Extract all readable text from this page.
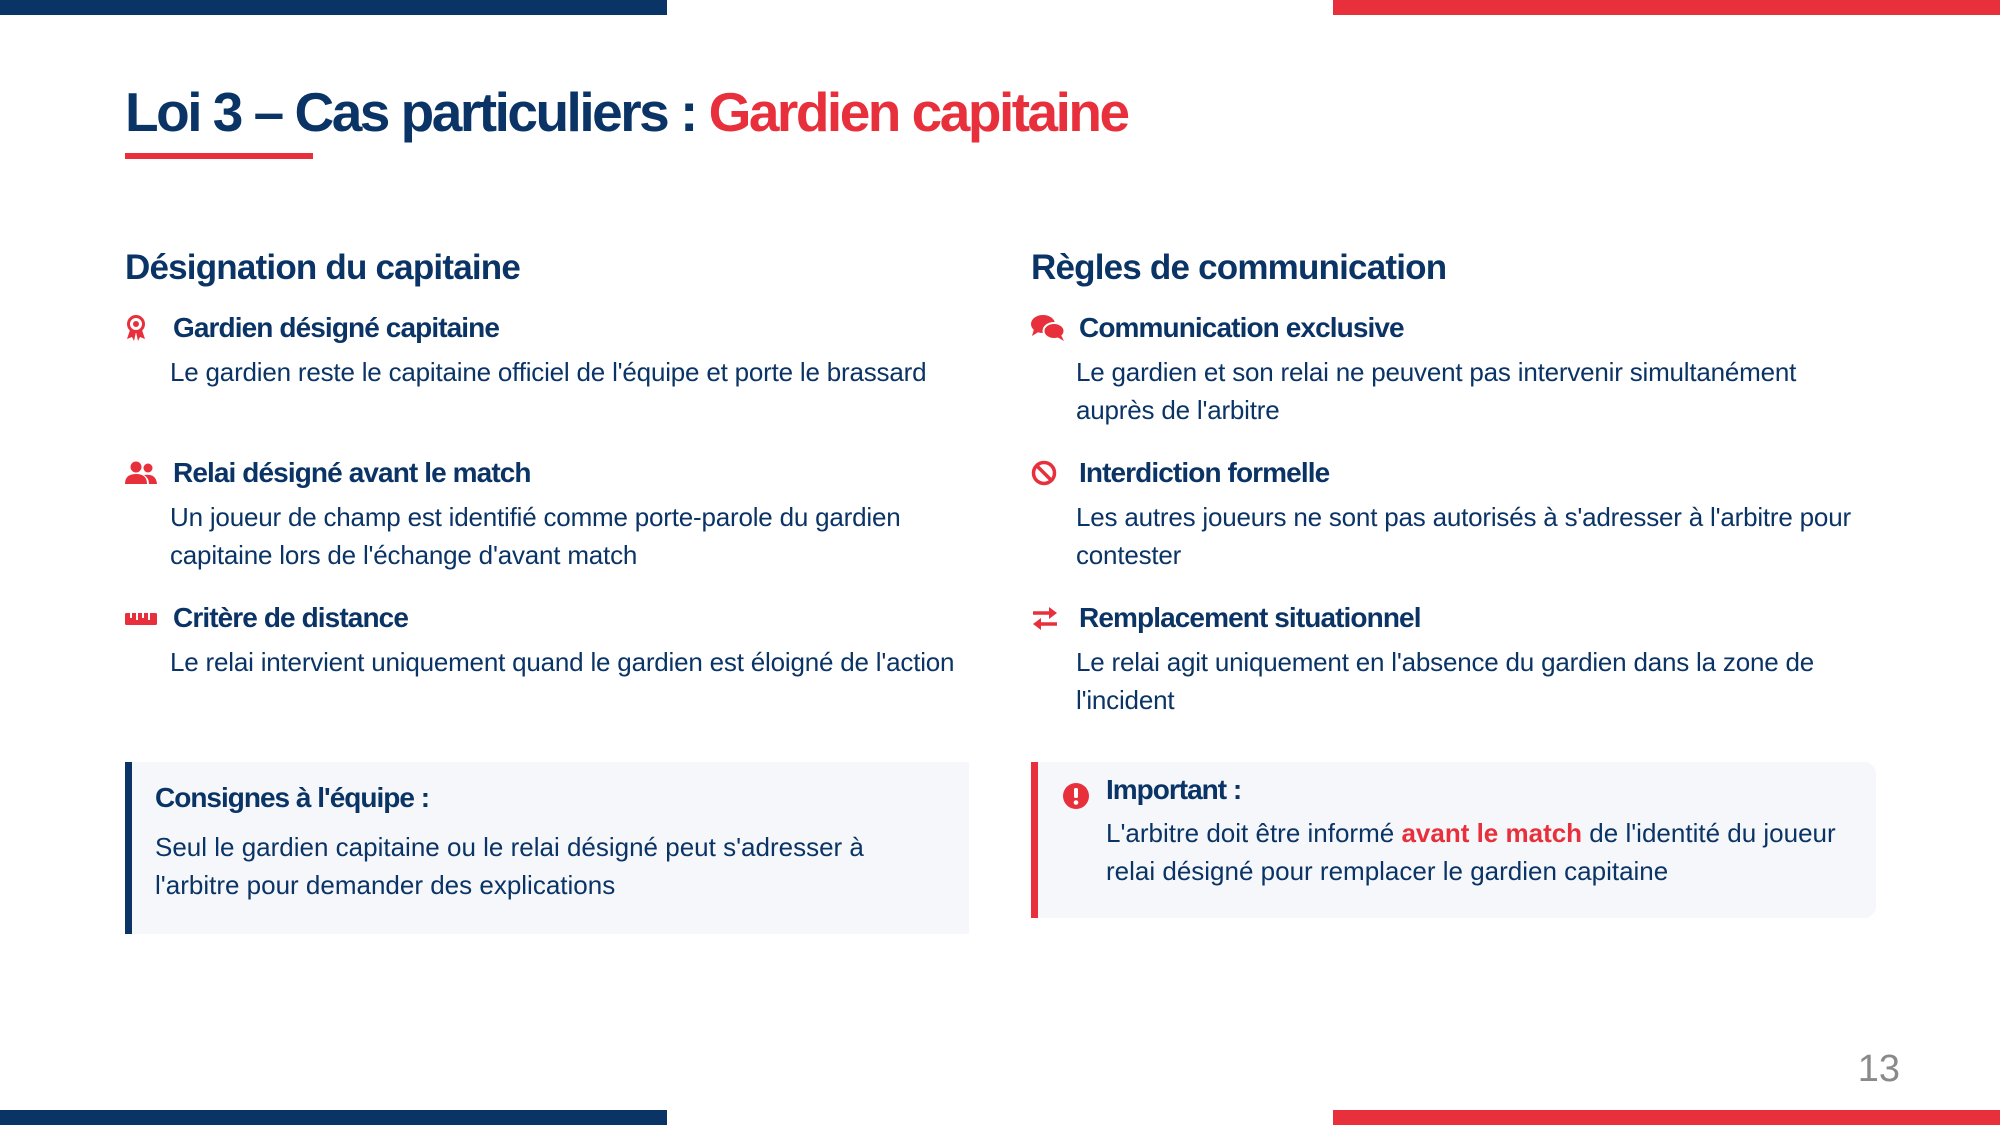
Loi 3 – Cas particuliers : Gardien capitaine
Désignation du capitaine
Gardien désigné capitaine

Le gardien reste le capitaine officiel de l'équipe et porte le brassard

Relai désigné avant le match

Un joueur de champ est identifié comme porte-parole du gardien capitaine lors de l'échange d'avant match

Critère de distance

Le relai intervient uniquement quand le gardien est éloigné de l'action

Consignes à l'équipe :

Seul le gardien capitaine ou le relai désigné peut s'adresser à l'arbitre pour demander des explications

Règles de communication
Communication exclusive

Le gardien et son relai ne peuvent pas intervenir simultanément auprès de l'arbitre

Interdiction formelle

Les autres joueurs ne sont pas autorisés à s'adresser à l'arbitre pour contester

Remplacement situationnel

Le relai agit uniquement en l'absence du gardien dans la zone de l'incident

Important :

L'arbitre doit être informé avant le match de l'identité du joueur relai désigné pour remplacer le gardien capitaine

13
